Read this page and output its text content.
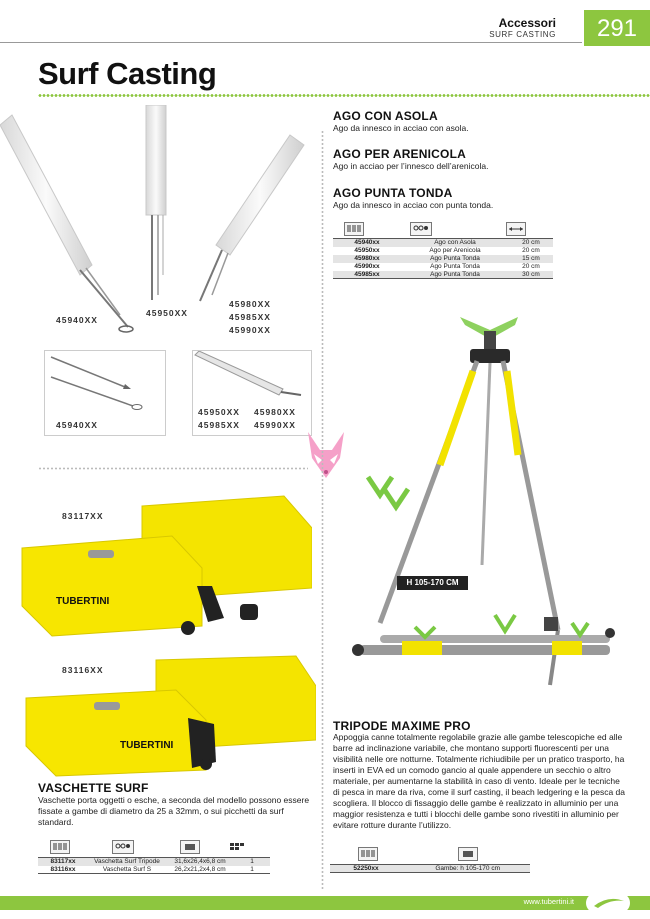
Accessori
SURF CASTING	291
Surf Casting
45940XX
45950XX
45980XX
45985XX
45990XX
45940XX
45950XX 45980XX
45985XX 45990XX
AGO CON ASOLA
Ago da innesco in acciao con asola.
AGO PER ARENICOLA
Ago in acciao per l’innesco dell’arenicola.
AGO PUNTA TONDA
Ago da innesco in acciao con punta tonda.
45940xx	Ago con Asola	20 cm
45950xx	Ago per Arenicola	20 cm
45980xx	Ago Punta Tonda	15 cm
45990xx	Ago Punta Tonda	20 cm
45985xx	Ago Punta Tonda	30 cm
H 105-170 CM
TRIPODE MAXIME PRO
Appoggia canne totalmente regolabile grazie alle gambe telescopiche ed alle barre ad inclinazione variabile, che montano supporti fluorescenti per una visibilità nelle ore notturne. Totalmente richiudibile per un pratico trasporto, ha inserti in EVA ed un comodo gancio al quale appendere un secchio o altro materiale, per aumentarne la stabilità in caso di vento. Ideale per le tecniche di pesca in mare da riva, come il surf casting, il beach ledgering e la pesca da scogliera. Il blocco di fissaggio delle gambe è realizzato in alluminio per una maggior resistenza e tutti i blocchi delle gambe sono rivestiti in alluminio per evitare rotture durante l’utilizzo.
52250xx	Gambe: h 105-170 cm
83117XX
TUBERTINI
83116XX
TUBERTINI
VASCHETTE SURF
Vaschette porta oggetti o esche, a seconda del modello possono essere fissate a gambe di diametro da 25 a 32mm, o sui picchetti da surf standard.
pz.
83117xx	Vaschetta Surf Tripode	31,6x26,4x6,8 cm	1
83116xx	Vaschetta Surf S	26,2x21,2x4,8 cm	1
www.tubertini.it
